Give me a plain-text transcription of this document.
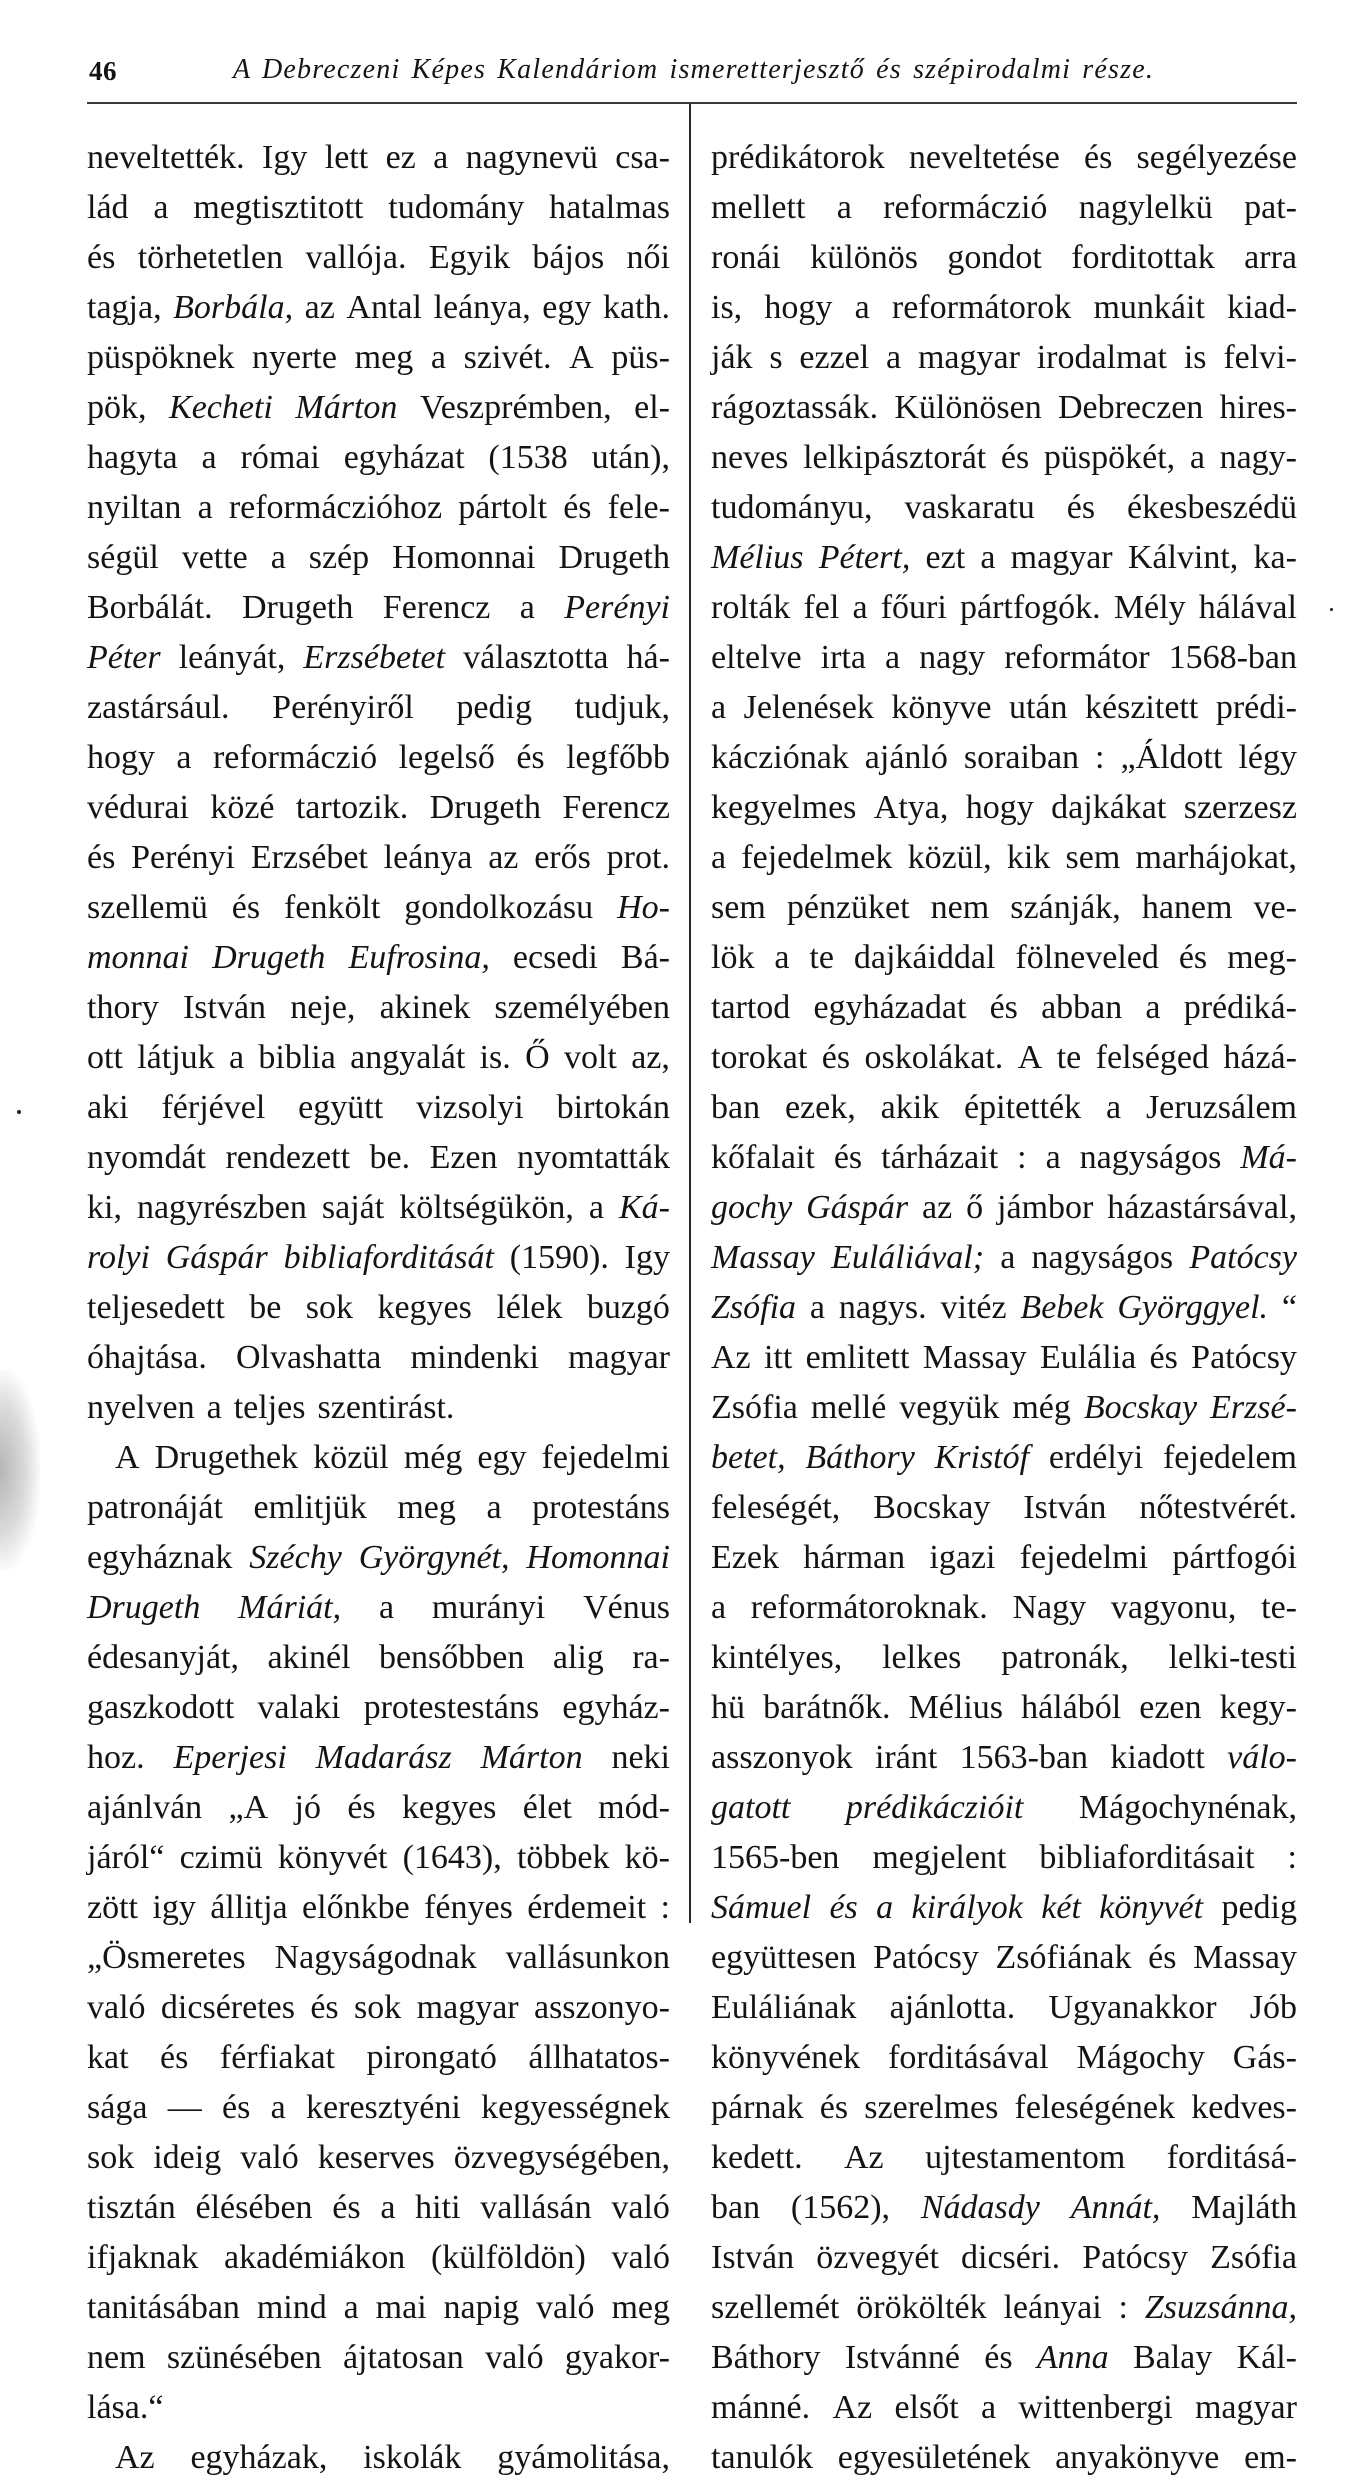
46	A Debreczeni Képes Kalendáriom ismeretterjesztő és szépirodalmi része.
neveltették. Igy lett ez a nagynevü csa-
lád a megtisztitott tudomány hatalmas
és törhetetlen vallója. Egyik bájos női
tagja, Borbála, az Antal leánya, egy kath.
püspöknek nyerte meg a szivét. A püs-
pök, Kecheti Márton Veszprémben, el-
hagyta a római egyházat (1538 után),
nyiltan a reformáczióhoz pártolt és fele-
ségül vette a szép Homonnai Drugeth
Borbálát. Drugeth Ferencz a Perényi
Péter leányát, Erzsébetet választotta há-
zastársául. Perényiről pedig tudjuk,
hogy a reformáczió legelső és legfőbb
védurai közé tartozik. Drugeth Ferencz
és Perényi Erzsébet leánya az erős prot.
szellemü és fenkölt gondolkozásu Ho-
monnai Drugeth Eufrosina, ecsedi Bá-
thory István neje, akinek személyében
ott látjuk a biblia angyalát is. Ő volt az,
aki férjével együtt vizsolyi birtokán
nyomdát rendezett be. Ezen nyomtatták
ki, nagyrészben saját költségükön, a Ká-
rolyi Gáspár bibliaforditását (1590). Igy
teljesedett be sok kegyes lélek buzgó
óhajtása. Olvashatta mindenki magyar
nyelven a teljes szentirást.
A Drugethek közül még egy fejedelmi
patronáját emlitjük meg a protestáns
egyháznak Széchy Györgynét, Homonnai
Drugeth Máriát, a murányi Vénus
édesanyját, akinél bensőbben alig ra-
gaszkodott valaki protestestáns egyház-
hoz. Eperjesi Madarász Márton neki
ajánlván „A jó és kegyes élet mód-
járól“ czimü könyvét (1643), többek kö-
zött igy állitja előnkbe fényes érdemeit :
„Ösmeretes Nagyságodnak vallásunkon
való dicséretes és sok magyar asszonyo-
kat és férfiakat pirongató állhatatos-
sága — és a keresztyéni kegyességnek
sok ideig való keserves özvegységében,
tisztán élésében és a hiti vallásán való
ifjaknak akadémiákon (külföldön) való
tanitásában mind a mai napig való meg
nem szünésében ájtatosan való gyakor-
lása.“
Az egyházak, iskolák gyámolitása,
prédikátorok neveltetése és segélyezése
mellett a reformáczió nagylelkü pat-
ronái különös gondot forditottak arra
is, hogy a reformátorok munkáit kiad-
ják s ezzel a magyar irodalmat is felvi-
rágoztassák. Különösen Debreczen hires-
neves lelkipásztorát és püspökét, a nagy-
tudományu, vaskaratu és ékesbeszédü
Mélius Pétert, ezt a magyar Kálvint, ka-
rolták fel a főuri pártfogók. Mély hálával
eltelve irta a nagy reformátor 1568-ban
a Jelenések könyve után készitett prédi-
kácziónak ajánló soraiban : „Áldott légy
kegyelmes Atya, hogy dajkákat szerzesz
a fejedelmek közül, kik sem marhájokat,
sem pénzüket nem szánják, hanem ve-
lök a te dajkáiddal fölneveled és meg-
tartod egyházadat és abban a prédiká-
torokat és oskolákat. A te felséged házá-
ban ezek, akik épitették a Jeruzsálem
kőfalait és tárházait : a nagyságos Má-
gochy Gáspár az ő jámbor házastársával,
Massay Euláliával; a nagyságos Patócsy
Zsófia a nagys. vitéz Bebek Györggyel. “
Az itt emlitett Massay Eulália és Patócsy
Zsófia mellé vegyük még Bocskay Erzsé-
betet, Báthory Kristóf erdélyi fejedelem
feleségét, Bocskay István nőtestvérét.
Ezek hárman igazi fejedelmi pártfogói
a reformátoroknak. Nagy vagyonu, te-
kintélyes, lelkes patronák, lelki-testi
hü barátnők. Mélius hálából ezen kegy-
asszonyok iránt 1563-ban kiadott válo-
gatott prédikáczióit Mágochynénak,
1565-ben megjelent bibliaforditásait :
Sámuel és a királyok két könyvét pedig
együttesen Patócsy Zsófiának és Massay
Euláliának ajánlotta. Ugyanakkor Jób
könyvének forditásával Mágochy Gás-
párnak és szerelmes feleségének kedves-
kedett. Az ujtestamentom forditásá-
ban (1562), Nádasdy Annát, Majláth
István özvegyét dicséri. Patócsy Zsófia
szellemét örökölték leányai : Zsuzsánna,
Báthory Istvánné és Anna Balay Kál-
mánné. Az elsőt a wittenbergi magyar
tanulók egyesületének anyakönyve em-
